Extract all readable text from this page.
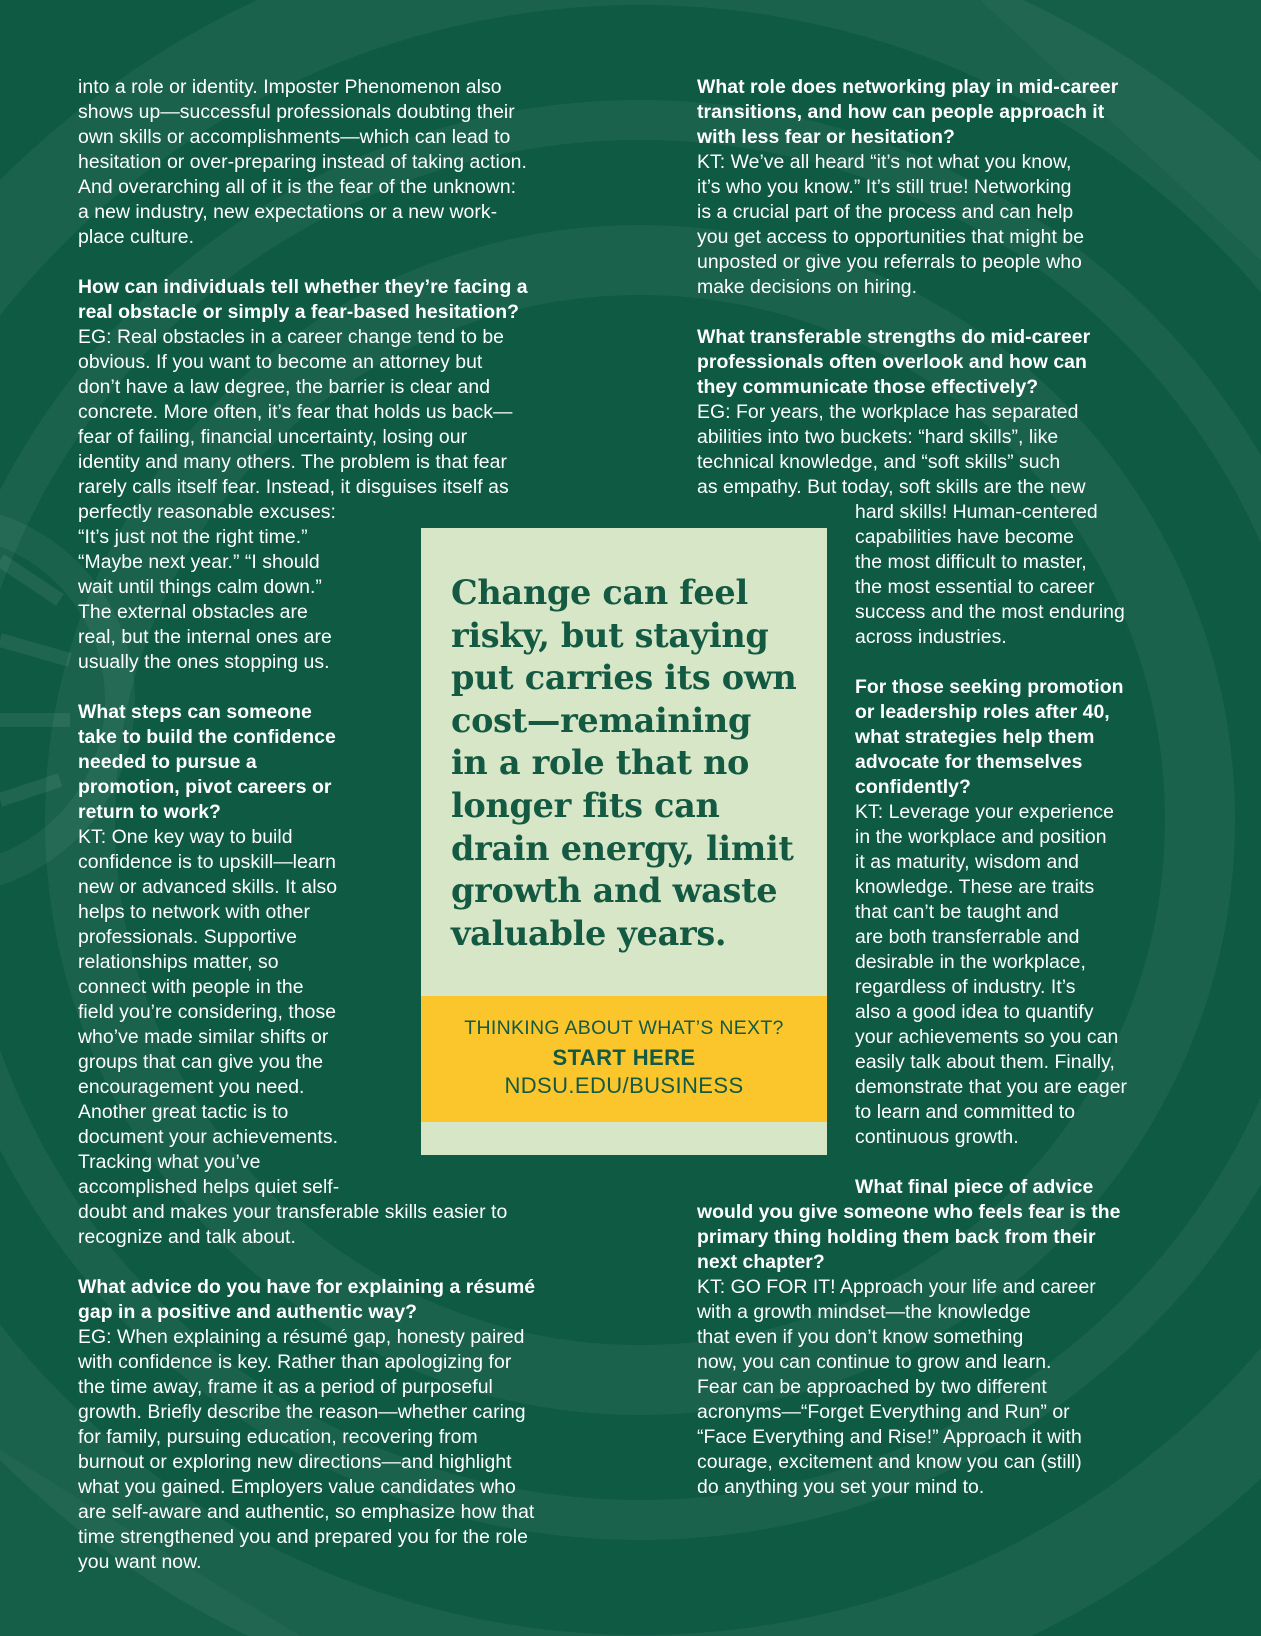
into a role or identity. Imposter Phenomenon also
shows up—successful professionals doubting their
own skills or accomplishments—which can lead to
hesitation or over-preparing instead of taking action.
And overarching all of it is the fear of the unknown:
a new industry, new expectations or a new work-
place culture.
How can individuals tell whether they’re facing a
real obstacle or simply a fear-based hesitation?
EG: Real obstacles in a career change tend to be
obvious. If you want to become an attorney but
don’t have a law degree, the barrier is clear and
concrete. More often, it’s fear that holds us back—
fear of failing, financial uncertainty, losing our
identity and many others. The problem is that fear
rarely calls itself fear. Instead, it disguises itself as
perfectly reasonable excuses:
“It’s just not the right time.”
“Maybe next year.” “I should
wait until things calm down.”
The external obstacles are
real, but the internal ones are
usually the ones stopping us.
What steps can someone
take to build the confidence
needed to pursue a
promotion, pivot careers or
return to work?
KT: One key way to build
confidence is to upskill—learn
new or advanced skills. It also
helps to network with other
professionals. Supportive
relationships matter, so
connect with people in the
field you’re considering, those
who’ve made similar shifts or
groups that can give you the
encouragement you need.
Another great tactic is to
document your achievements.
Tracking what you’ve
accomplished helps quiet self-
doubt and makes your transferable skills easier to
recognize and talk about.
What advice do you have for explaining a résumé
gap in a positive and authentic way?
EG: When explaining a résumé gap, honesty paired
with confidence is key. Rather than apologizing for
the time away, frame it as a period of purposeful
growth. Briefly describe the reason—whether caring
for family, pursuing education, recovering from
burnout or exploring new directions—and highlight
what you gained. Employers value candidates who
are self-aware and authentic, so emphasize how that
time strengthened you and prepared you for the role
you want now.
What role does networking play in mid-career
transitions, and how can people approach it
with less fear or hesitation?
KT: We’ve all heard “it’s not what you know,
it’s who you know.” It’s still true! Networking
is a crucial part of the process and can help
you get access to opportunities that might be
unposted or give you referrals to people who
make decisions on hiring.
What transferable strengths do mid-career
professionals often overlook and how can
they communicate those effectively?
EG: For years, the workplace has separated
abilities into two buckets: “hard skills”, like
technical knowledge, and “soft skills” such
as empathy. But today, soft skills are the new
hard skills! Human-centered
capabilities have become
the most difficult to master,
the most essential to career
success and the most enduring
across industries.
For those seeking promotion
or leadership roles after 40,
what strategies help them
advocate for themselves
confidently?
KT: Leverage your experience
in the workplace and position
it as maturity, wisdom and
knowledge. These are traits
that can’t be taught and
are both transferrable and
desirable in the workplace,
regardless of industry. It’s
also a good idea to quantify
your achievements so you can
easily talk about them. Finally,
demonstrate that you are eager
to learn and committed to
continuous growth.
What final piece of advice
would you give someone who feels fear is the
primary thing holding them back from their
next chapter?
KT: GO FOR IT! Approach your life and career
with a growth mindset—the knowledge
that even if you don’t know something
now, you can continue to grow and learn.
Fear can be approached by two different
acronyms—“Forget Everything and Run” or
“Face Everything and Rise!” Approach it with
courage, excitement and know you can (still)
do anything you set your mind to.
Change can feel
risky, but staying
put carries its own
cost—remaining
in a role that no
longer fits can
drain energy, limit
growth and waste
valuable years.
THINKING ABOUT WHAT’S NEXT?
START HERE
NDSU.EDU/BUSINESS
